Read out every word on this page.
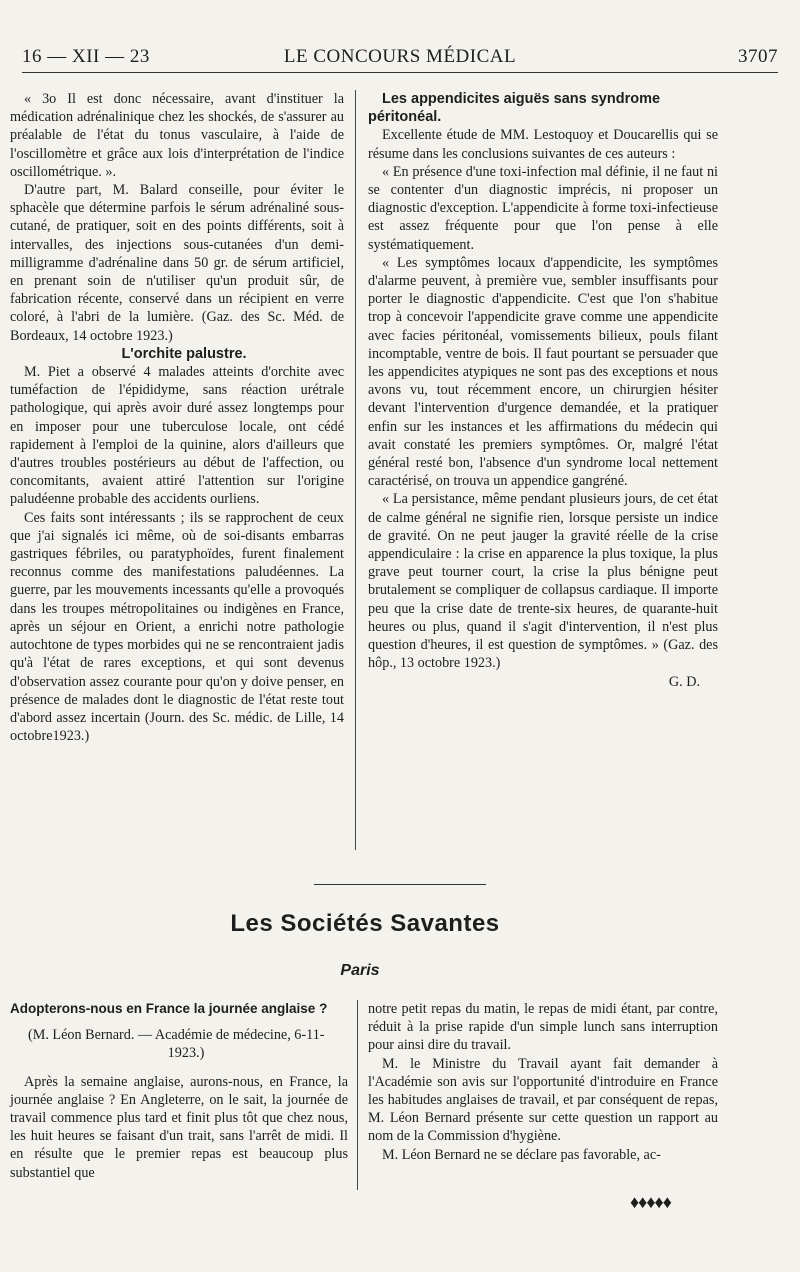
16 — XII — 23	LE CONCOURS MÉDICAL	3707

« 3o Il est donc nécessaire, avant d'instituer la médication adrénalinique chez les shockés, de s'assurer au préalable de l'état du tonus vasculaire, à l'aide de l'oscillomètre et grâce aux lois d'interprétation de l'indice oscillométrique. ».

D'autre part, M. Balard conseille, pour éviter le sphacèle que détermine parfois le sérum adrénaliné sous-cutané, de pratiquer, soit en des points différents, soit à intervalles, des injections sous-cutanées d'un demi-milligramme d'adrénaline dans 50 gr. de sérum artificiel, en prenant soin de n'utiliser qu'un produit sûr, de fabrication récente, conservé dans un récipient en verre coloré, à l'abri de la lumière. (Gaz. des Sc. Méd. de Bordeaux, 14 octobre 1923.)

L'orchite palustre.

M. Piet a observé 4 malades atteints d'orchite avec tuméfaction de l'épididyme, sans réaction urétrale pathologique, qui après avoir duré assez longtemps pour en imposer pour une tuberculose locale, ont cédé rapidement à l'emploi de la quinine, alors d'ailleurs que d'autres troubles postérieurs au début de l'affection, ou concomitants, avaient attiré l'attention sur l'origine paludéenne probable des accidents ourliens.

Ces faits sont intéressants ; ils se rapprochent de ceux que j'ai signalés ici même, où de soi-disants embarras gastriques fébriles, ou paratyphoïdes, furent finalement reconnus comme des manifestations paludéennes. La guerre, par les mouvements incessants qu'elle a provoqués dans les troupes métropolitaines ou indigènes en France, après un séjour en Orient, a enrichi notre pathologie autochtone de types morbides qui ne se rencontraient jadis qu'à l'état de rares exceptions, et qui sont devenus d'observation assez courante pour qu'on y doive penser, en présence de malades dont le diagnostic de l'état reste tout d'abord assez incertain (Journ. des Sc. médic. de Lille, 14 octobre1923.)

Les appendicites aiguës sans syndrome péritonéal.

Excellente étude de MM. Lestoquoy et Doucarellis qui se résume dans les conclusions suivantes de ces auteurs :

« En présence d'une toxi-infection mal définie, il ne faut ni se contenter d'un diagnostic imprécis, ni proposer un diagnostic d'exception. L'appendicite à forme toxi-infectieuse est assez fréquente pour que l'on pense à elle systématiquement.

« Les symptômes locaux d'appendicite, les symptômes d'alarme peuvent, à première vue, sembler insuffisants pour porter le diagnostic d'appendicite. C'est que l'on s'habitue trop à concevoir l'appendicite grave comme une appendicite avec facies péritonéal, vomissements bilieux, pouls filant incomptable, ventre de bois. Il faut pourtant se persuader que les appendicites atypiques ne sont pas des exceptions et nous avons vu, tout récemment encore, un chirurgien hésiter devant l'intervention d'urgence demandée, et la pratiquer enfin sur les instances et les affirmations du médecin qui avait constaté les premiers symptômes. Or, malgré l'état général resté bon, l'absence d'un syndrome local nettement caractérisé, on trouva un appendice gangréné.

« La persistance, même pendant plusieurs jours, de cet état de calme général ne signifie rien, lorsque persiste un indice de gravité. On ne peut jauger la gravité réelle de la crise appendiculaire : la crise en apparence la plus toxique, la plus grave peut tourner court, la crise la plus bénigne peut brutalement se compliquer de collapsus cardiaque. Il importe peu que la crise date de trente-six heures, de quarante-huit heures ou plus, quand il s'agit d'intervention, il n'est plus question d'heures, il est question de symptômes. » (Gaz. des hôp., 13 octobre 1923.)

G. D.

Les Sociétés Savantes
Paris

Adopterons-nous en France la journée anglaise ?

(M. Léon Bernard. — Académie de médecine, 6-11-

1923.)

Après la semaine anglaise, aurons-nous, en France, la journée anglaise ? En Angleterre, on le sait, la journée de travail commence plus tard et finit plus tôt que chez nous, les huit heures se faisant d'un trait, sans l'arrêt de midi. Il en résulte que le premier repas est beaucoup plus substantiel que

notre petit repas du matin, le repas de midi étant, par contre, réduit à la prise rapide d'un simple lunch sans interruption pour ainsi dire du travail.

M. le Ministre du Travail ayant fait demander à l'Académie son avis sur l'opportunité d'introduire en France les habitudes anglaises de travail, et par conséquent de repas, M. Léon Bernard présente sur cette question un rapport au nom de la Commission d'hygiène.

M. Léon Bernard ne se déclare pas favorable, ac-

♦♦♦♦♦
